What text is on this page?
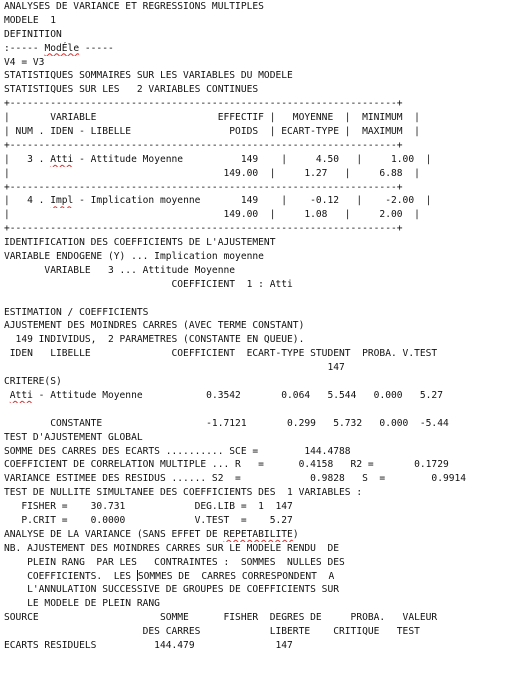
ANALYSES DE VARIANCE ET REGRESSIONS MULTIPLES
MODELE  1
DEFINITION
:----- ModÉle -----
V4 = V3
STATISTIQUES SOMMAIRES SUR LES VARIABLES DU MODELE
STATISTIQUES SUR LES   2 VARIABLES CONTINUES
+-------------------------------------------------------------------+
|       VARIABLE                     EFFECTIF |   MOYENNE  |  MINIMUM  |
| NUM . IDEN - LIBELLE                 POIDS  | ECART-TYPE |  MAXIMUM  |
+-------------------------------------------------------------------+
|   3 . Atti - Attitude Moyenne          149    |     4.50   |     1.00  |
|                                     149.00  |     1.27   |     6.88  |
+-------------------------------------------------------------------+
|   4 . Impl - Implication moyenne       149    |    -0.12   |    -2.00  |
|                                     149.00  |     1.08   |     2.00  |
+-------------------------------------------------------------------+
IDENTIFICATION DES COEFFICIENTS DE L'AJUSTEMENT
VARIABLE ENDOGENE (Y) ... Implication moyenne
VARIABLE   3 ... Attitude Moyenne
COEFFICIENT  1 : Atti
ESTIMATION / COEFFICIENTS
AJUSTEMENT DES MOINDRES CARRES (AVEC TERME CONSTANT)
149 INDIVIDUS,  2 PARAMETRES (CONSTANTE EN QUEUE).
IDEN   LIBELLE              COEFFICIENT  ECART-TYPE STUDENT  PROBA. V.TEST
147
CRITERE(S)
Atti - Attitude Moyenne           0.3542       0.064   5.544   0.000   5.27
CONSTANTE                  -1.7121       0.299   5.732   0.000  -5.44
TEST D'AJUSTEMENT GLOBAL
SOMME DES CARRES DES ECARTS .......... SCE =        144.4788
COEFFICIENT DE CORRELATION MULTIPLE ... R   =      0.4158   R2 =       0.1729
VARIANCE ESTIMEE DES RESIDUS ...... S2  =            0.9828   S  =        0.9914
TEST DE NULLITE SIMULTANEE DES COEFFICIENTS DES  1 VARIABLES :
FISHER =    30.731            DEG.LIB =  1  147
P.CRIT =    0.0000            V.TEST  =    5.27
ANALYSE DE LA VARIANCE (SANS EFFET DE REPETABILITE)
NB. AJUSTEMENT DES MOINDRES CARRES SUR LE MODELE RENDU  DE
PLEIN RANG  PAR LES   CONTRAINTES :  SOMMES  NULLES DES
COEFFICIENTS.  LES SOMMES DE  CARRES CORRESPONDENT  A
L'ANNULATION SUCCESSIVE DE GROUPES DE COEFFICIENTS SUR
LE MODELE DE PLEIN RANG
SOURCE                     SOMME      FISHER  DEGRES DE     PROBA.   VALEUR
DES CARRES            LIBERTE    CRITIQUE   TEST
ECARTS RESIDUELS          144.479              147
